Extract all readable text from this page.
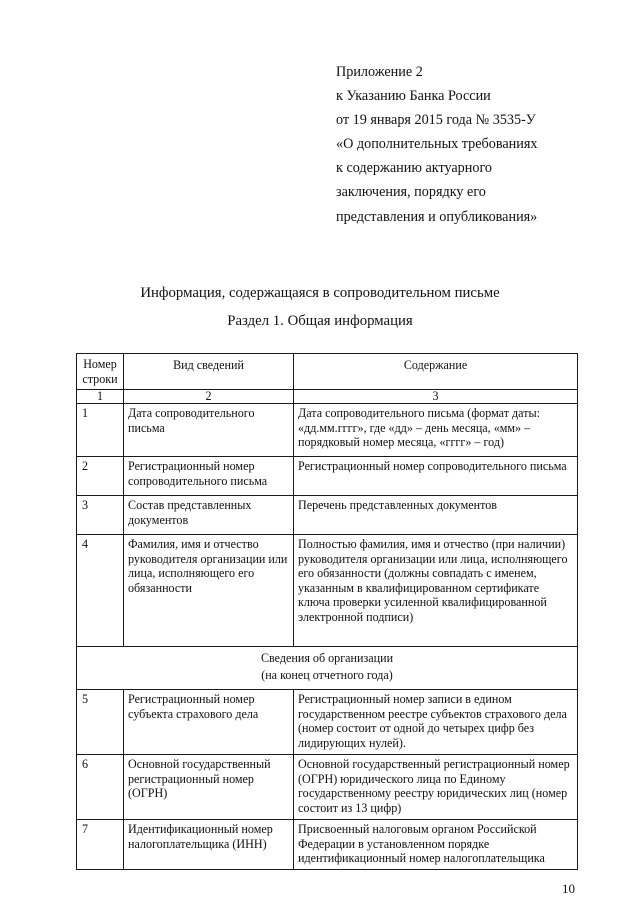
Приложение 2
к Указанию Банка России
от 19 января 2015 года № 3535-У
«О дополнительных требованиях
к содержанию актуарного
заключения, порядку его
представления и опубликования»
Информация, содержащаяся в сопроводительном письме
Раздел 1. Общая информация
Номер строки	Вид сведений	Содержание
1	2	3
1	Дата сопроводительного письма	Дата сопроводительного письма (формат даты: «дд.мм.гггг», где «дд» – день месяца, «мм» – порядковый номер месяца, «гггг» – год)
2	Регистрационный номер сопроводительного письма	Регистрационный номер сопроводительного письма
3	Состав представленных документов	Перечень представленных документов
4	Фамилия, имя и отчество руководителя организации или лица, исполняющего его обязанности	Полностью фамилия, имя и отчество (при наличии) руководителя организации или лица, исполняющего его обязанности (должны совпадать с именем, указанным в квалифицированном сертификате ключа проверки усиленной квалифицированной электронной подписи)

Сведения об организации
(на конец отчетного года)		

5	Регистрационный номер субъекта страхового дела	Регистрационный номер записи в едином государственном реестре субъектов страхового дела (номер состоит от одной до четырех цифр без лидирующих нулей).
6	Основной государственный регистрационный номер (ОГРН)	Основной государственный регистрационный номер (ОГРН) юридического лица по Единому государственному реестру юридических лиц (номер состоит из 13 цифр)
7	Идентификационный номер налогоплательщика (ИНН)	Присвоенный налоговым органом Российской Федерации в установленном порядке идентификационный номер налогоплательщика
10
